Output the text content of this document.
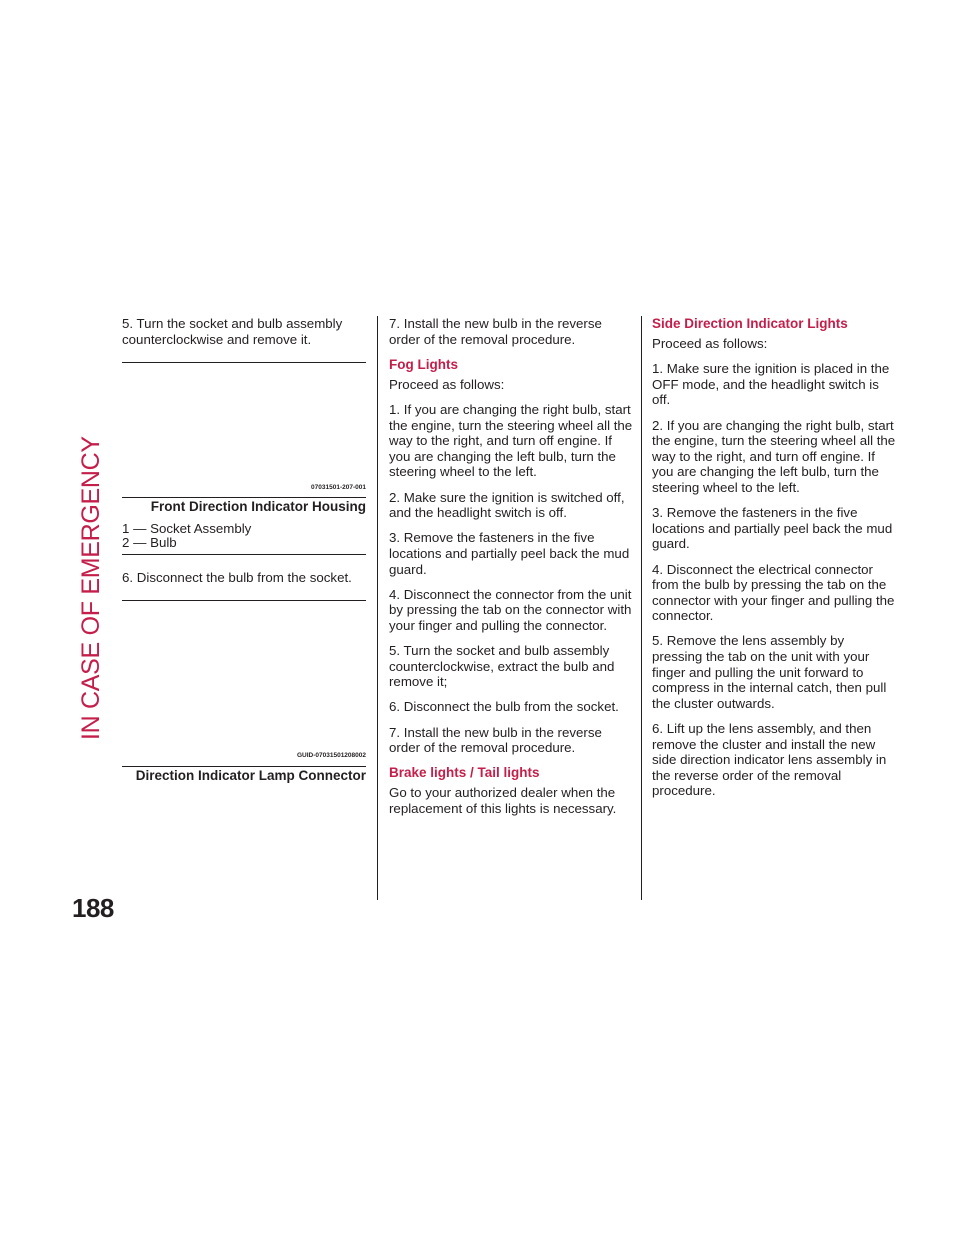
IN CASE OF EMERGENCY
188

5. Turn the socket and bulb assembly counterclockwise and remove it.

07031501-207-001
Front Direction Indicator Housing
1 — Socket Assembly
2 — Bulb

6. Disconnect the bulb from the socket.

GUID-07031501208002
Direction Indicator Lamp Connector

7. Install the new bulb in the reverse order of the removal procedure.

Fog Lights

Proceed as follows:

1. If you are changing the right bulb, start the engine, turn the steering wheel all the way to the right, and turn off engine. If you are changing the left bulb, turn the steering wheel to the left.

2. Make sure the ignition is switched off, and the headlight switch is off.

3. Remove the fasteners in the five locations and partially peel back the mud guard.

4. Disconnect the connector from the unit by pressing the tab on the connector with your finger and pulling the connector.

5. Turn the socket and bulb assembly counterclockwise, extract the bulb and remove it;

6. Disconnect the bulb from the socket.

7. Install the new bulb in the reverse order of the removal procedure.

Brake lights / Tail lights

Go to your authorized dealer when the replacement of this lights is necessary.

Side Direction Indicator Lights

Proceed as follows:

1. Make sure the ignition is placed in the OFF mode, and the headlight switch is off.

2. If you are changing the right bulb, start the engine, turn the steering wheel all the way to the right, and turn off engine. If you are changing the left bulb, turn the steering wheel to the left.

3. Remove the fasteners in the five locations and partially peel back the mud guard.

4. Disconnect the electrical connector from the bulb by pressing the tab on the connector with your finger and pulling the connector.

5. Remove the lens assembly by pressing the tab on the unit with your finger and pulling the unit forward to compress in the internal catch, then pull the cluster outwards.

6. Lift up the lens assembly, and then remove the cluster and install the new side direction indicator lens assembly in the reverse order of the removal procedure.
